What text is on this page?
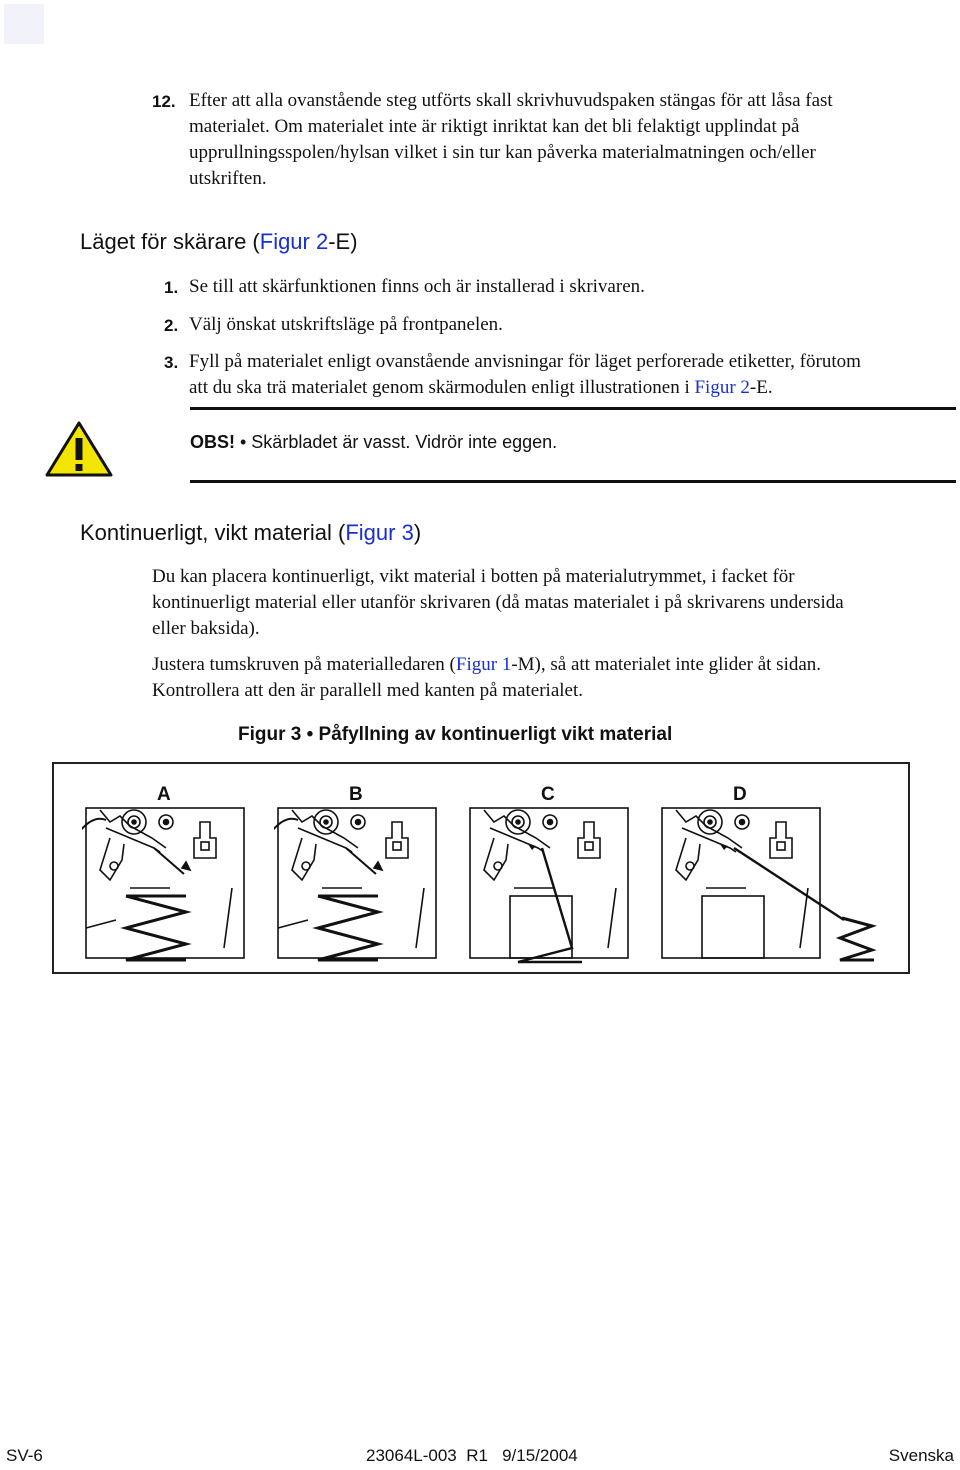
12. Efter att alla ovanstående steg utförts skall skrivhuvudspaken stängas för att låsa fast
materialet. Om materialet inte är riktigt inriktat kan det bli felaktigt upplindat på
upprullningsspolen/hylsan vilket i sin tur kan påverka materialmatningen och/eller
utskriften.
Läget för skärare (Figur 2-E)
1. Se till att skärfunktionen finns och är installerad i skrivaren.
2. Välj önskat utskriftsläge på frontpanelen.
3. Fyll på materialet enligt ovanstående anvisningar för läget perforerade etiketter, förutom
att du ska trä materialet genom skärmodulen enligt illustrationen i Figur 2-E.
OBS! • Skärbladet är vasst. Vidrör inte eggen.
Kontinuerligt, vikt material (Figur 3)
Du kan placera kontinuerligt, vikt material i botten på materialutrymmet, i facket för
kontinuerligt material eller utanför skrivaren (då matas materialet i på skrivarens undersida
eller baksida).
Justera tumskruven på materialledaren (Figur 1-M), så att materialet inte glider åt sidan.
Kontrollera att den är parallell med kanten på materialet.
Figur 3 • Påfyllning av kontinuerligt vikt material
A	B	C	D
SV-6	23064L-003  R1   9/15/2004	Svenska
